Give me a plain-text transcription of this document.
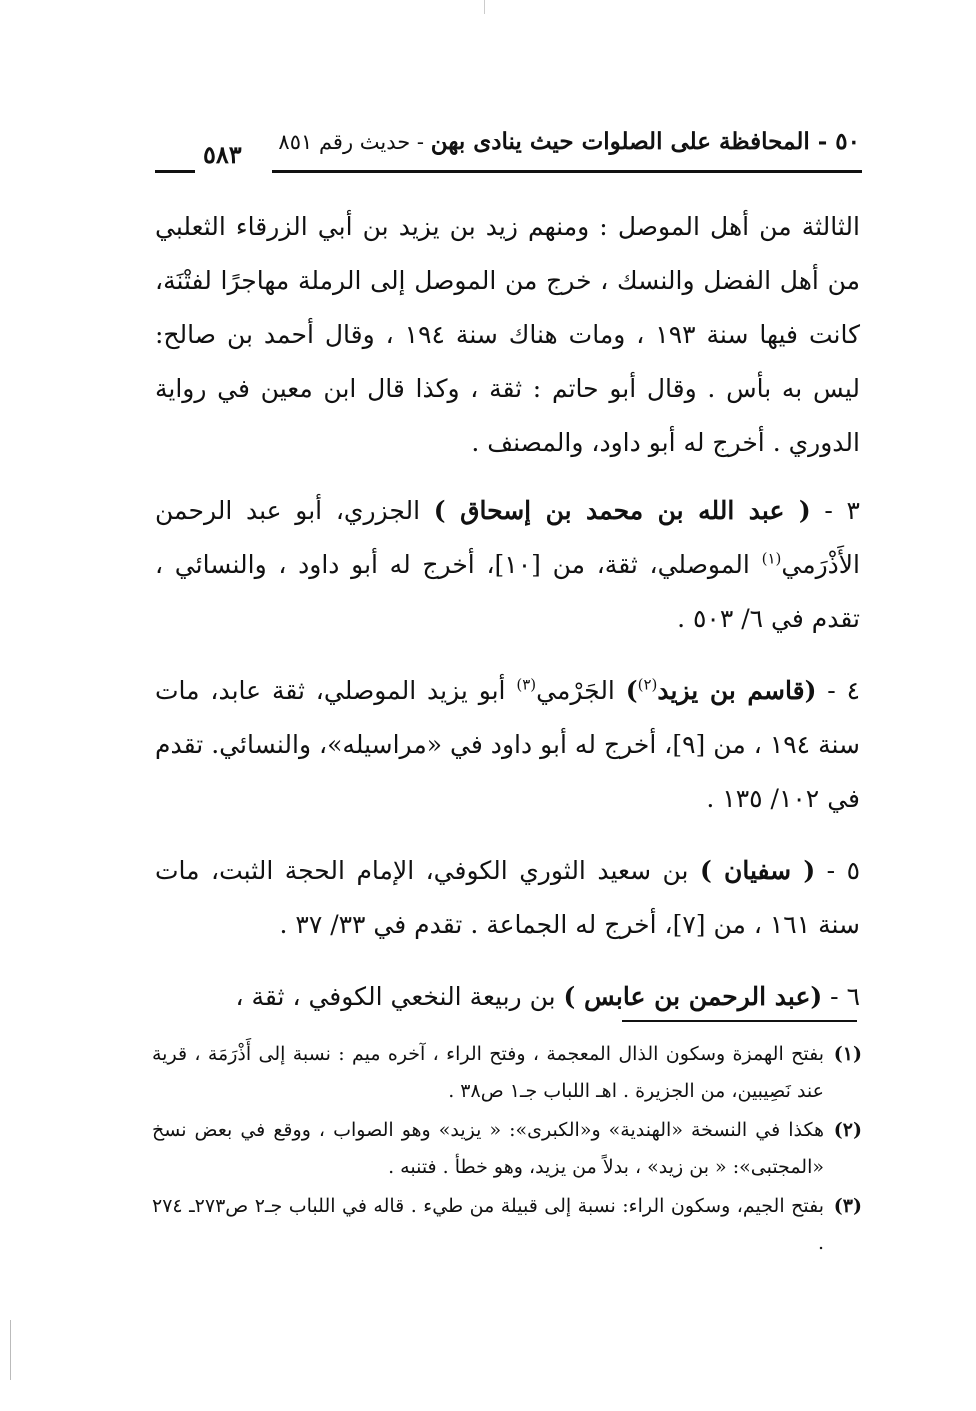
٥٠ - المحافظة على الصلوات حيث ينادى بهن - حديث رقم ٨٥١
٥٨٣

الثالثة من أهل الموصل : ومنهم زيد بن يزيد بن أبي الزرقاء الثعلبي من أهل الفضل والنسك ، خرج من الموصل إلى الرملة مهاجرًا لفتْنَة، كانت فيها سنة ١٩٣ ، ومات هناك سنة ١٩٤ ، وقال أحمد بن صالح: ليس به بأس . وقال أبو حاتم : ثقة ، وكذا قال ابن معين في رواية الدوري . أخرج له أبو داود، والمصنف .

٣ - ( عبد الله بن محمد بن إسحاق ) الجزري، أبو عبد الرحمن الأَذْرَمي$^{(١)}$ الموصلي، ثقة، من [١٠]، أخرج له أبو داود ، والنسائي ، تقدم في ٦/ ٥٠٣ .

٤ - (قاسم بن يزيد$^{(٢)}$) الجَرْمي$^{(٣)}$ أبو يزيد الموصلي، ثقة عابد، مات سنة ١٩٤ ، من [٩]، أخرج له أبو داود في «مراسيله»، والنسائي. تقدم في ١٠٢/ ١٣٥ .

٥ - ( سفيان ) بن سعيد الثوري الكوفي، الإمام الحجة الثبت، مات سنة ١٦١ ، من [٧]، أخرج له الجماعة . تقدم في ٣٣/ ٣٧ .

٦ - (عبد الرحمن بن عابس ) بن ربيعة النخعي الكوفي ، ثقة ،

(١)
بفتح الهمزة وسكون الذال المعجمة ، وفتح الراء ، آخره ميم : نسبة إلى أَذْرَمَة ، قرية عند نَصِيبين، من الجزيرة . اهـ اللباب جـ١ ص٣٨ .

(٢)
هكذا في النسخة «الهندية» و«الكبرى»: « يزيد» وهو الصواب ، ووقع في بعض نسخ «المجتبى»: « بن زيد» ، بدلاً من يزيد، وهو خطأ . فتنبه .

(٣)
بفتح الجيم، وسكون الراء: نسبة إلى قبيلة من طيء . قاله في اللباب جـ٢ ص٢٧٣ـ ٢٧٤ .
